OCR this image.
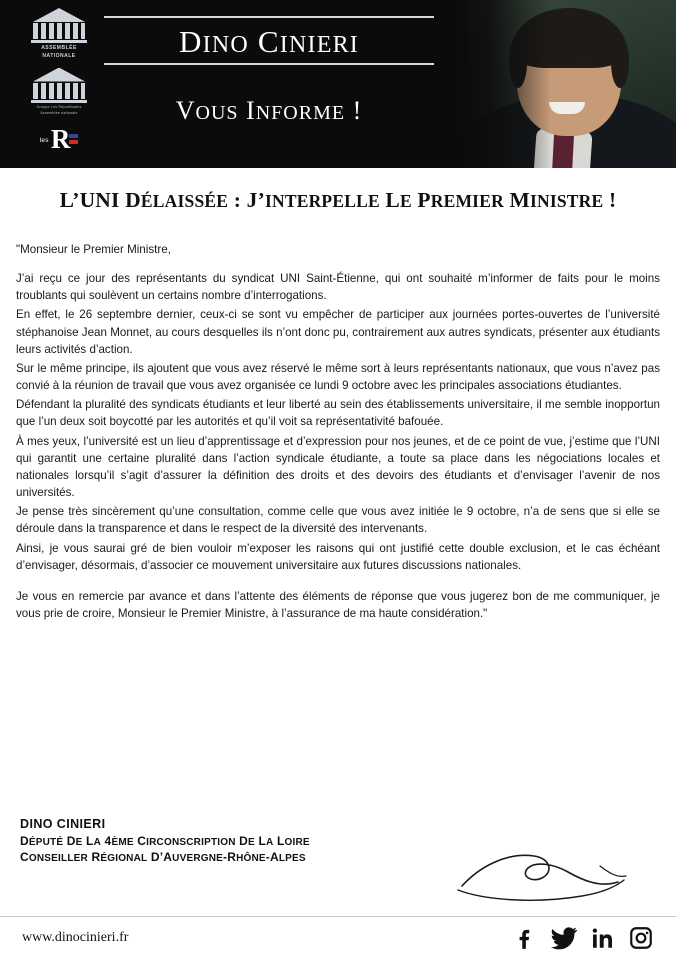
ASSEMBLÉE
NATIONALE
Groupe Les Républicains
Assemblée nationale
les R
DINO CINIERI
VOUS INFORME !
L’UNI DÉLAISSÉE : J’INTERPELLE LE PREMIER MINISTRE !

"Monsieur le Premier Ministre,

J’ai reçu ce jour des représentants du syndicat UNI Saint-Étienne, qui ont souhaité m’informer de faits pour le moins troublants qui soulèvent un certains nombre d’interrogations.

En effet, le 26 septembre dernier, ceux-ci se sont vu empêcher de participer aux journées portes-ouvertes de l’université stéphanoise Jean Monnet, au cours desquelles ils n’ont donc pu, contrairement aux autres syndicats, présenter aux étudiants leurs activités d’action.

Sur le même principe, ils ajoutent que vous avez réservé le même sort à leurs représentants nationaux, que vous n’avez pas convié à la réunion de travail que vous avez organisée ce lundi 9 octobre avec les principales associations étudiantes.

Défendant la pluralité des syndicats étudiants et leur liberté au sein des établissements universitaire, il me semble inopportun que l’un deux soit boycotté par les autorités et qu’il voit sa représentativité bafouée.

À mes yeux, l’université est un lieu d’apprentissage et d’expression pour nos jeunes, et de ce point de vue, j’estime que l’UNI qui garantit une certaine pluralité dans l’action syndicale étudiante, a toute sa place dans les négociations locales et nationales lorsqu’il s’agit d’assurer la définition des droits et des devoirs des étudiants et d’envisager l’avenir de nos universités.

Je pense très sincèrement qu’une consultation, comme celle que vous avez initiée le 9 octobre, n’a de sens que si elle se déroule dans la transparence et dans le respect de la diversité des intervenants.

Ainsi, je vous saurai gré de bien vouloir m’exposer les raisons qui ont justifié cette double exclusion, et le cas échéant d’envisager, désormais, d’associer ce mouvement universitaire aux futures discussions nationales.

Je vous en remercie par avance et dans l’attente des éléments de réponse que vous jugerez bon de me communiquer, je vous prie de croire, Monsieur le Premier Ministre, à l’assurance de ma haute considération."

DINO CINIERI
DÉPUTÉ DE LA 4ÈME CIRCONSCRIPTION DE LA LOIRE
CONSEILLER RÉGIONAL D’AUVERGNE-RHÔNE-ALPES
www.dinocinieri.fr
